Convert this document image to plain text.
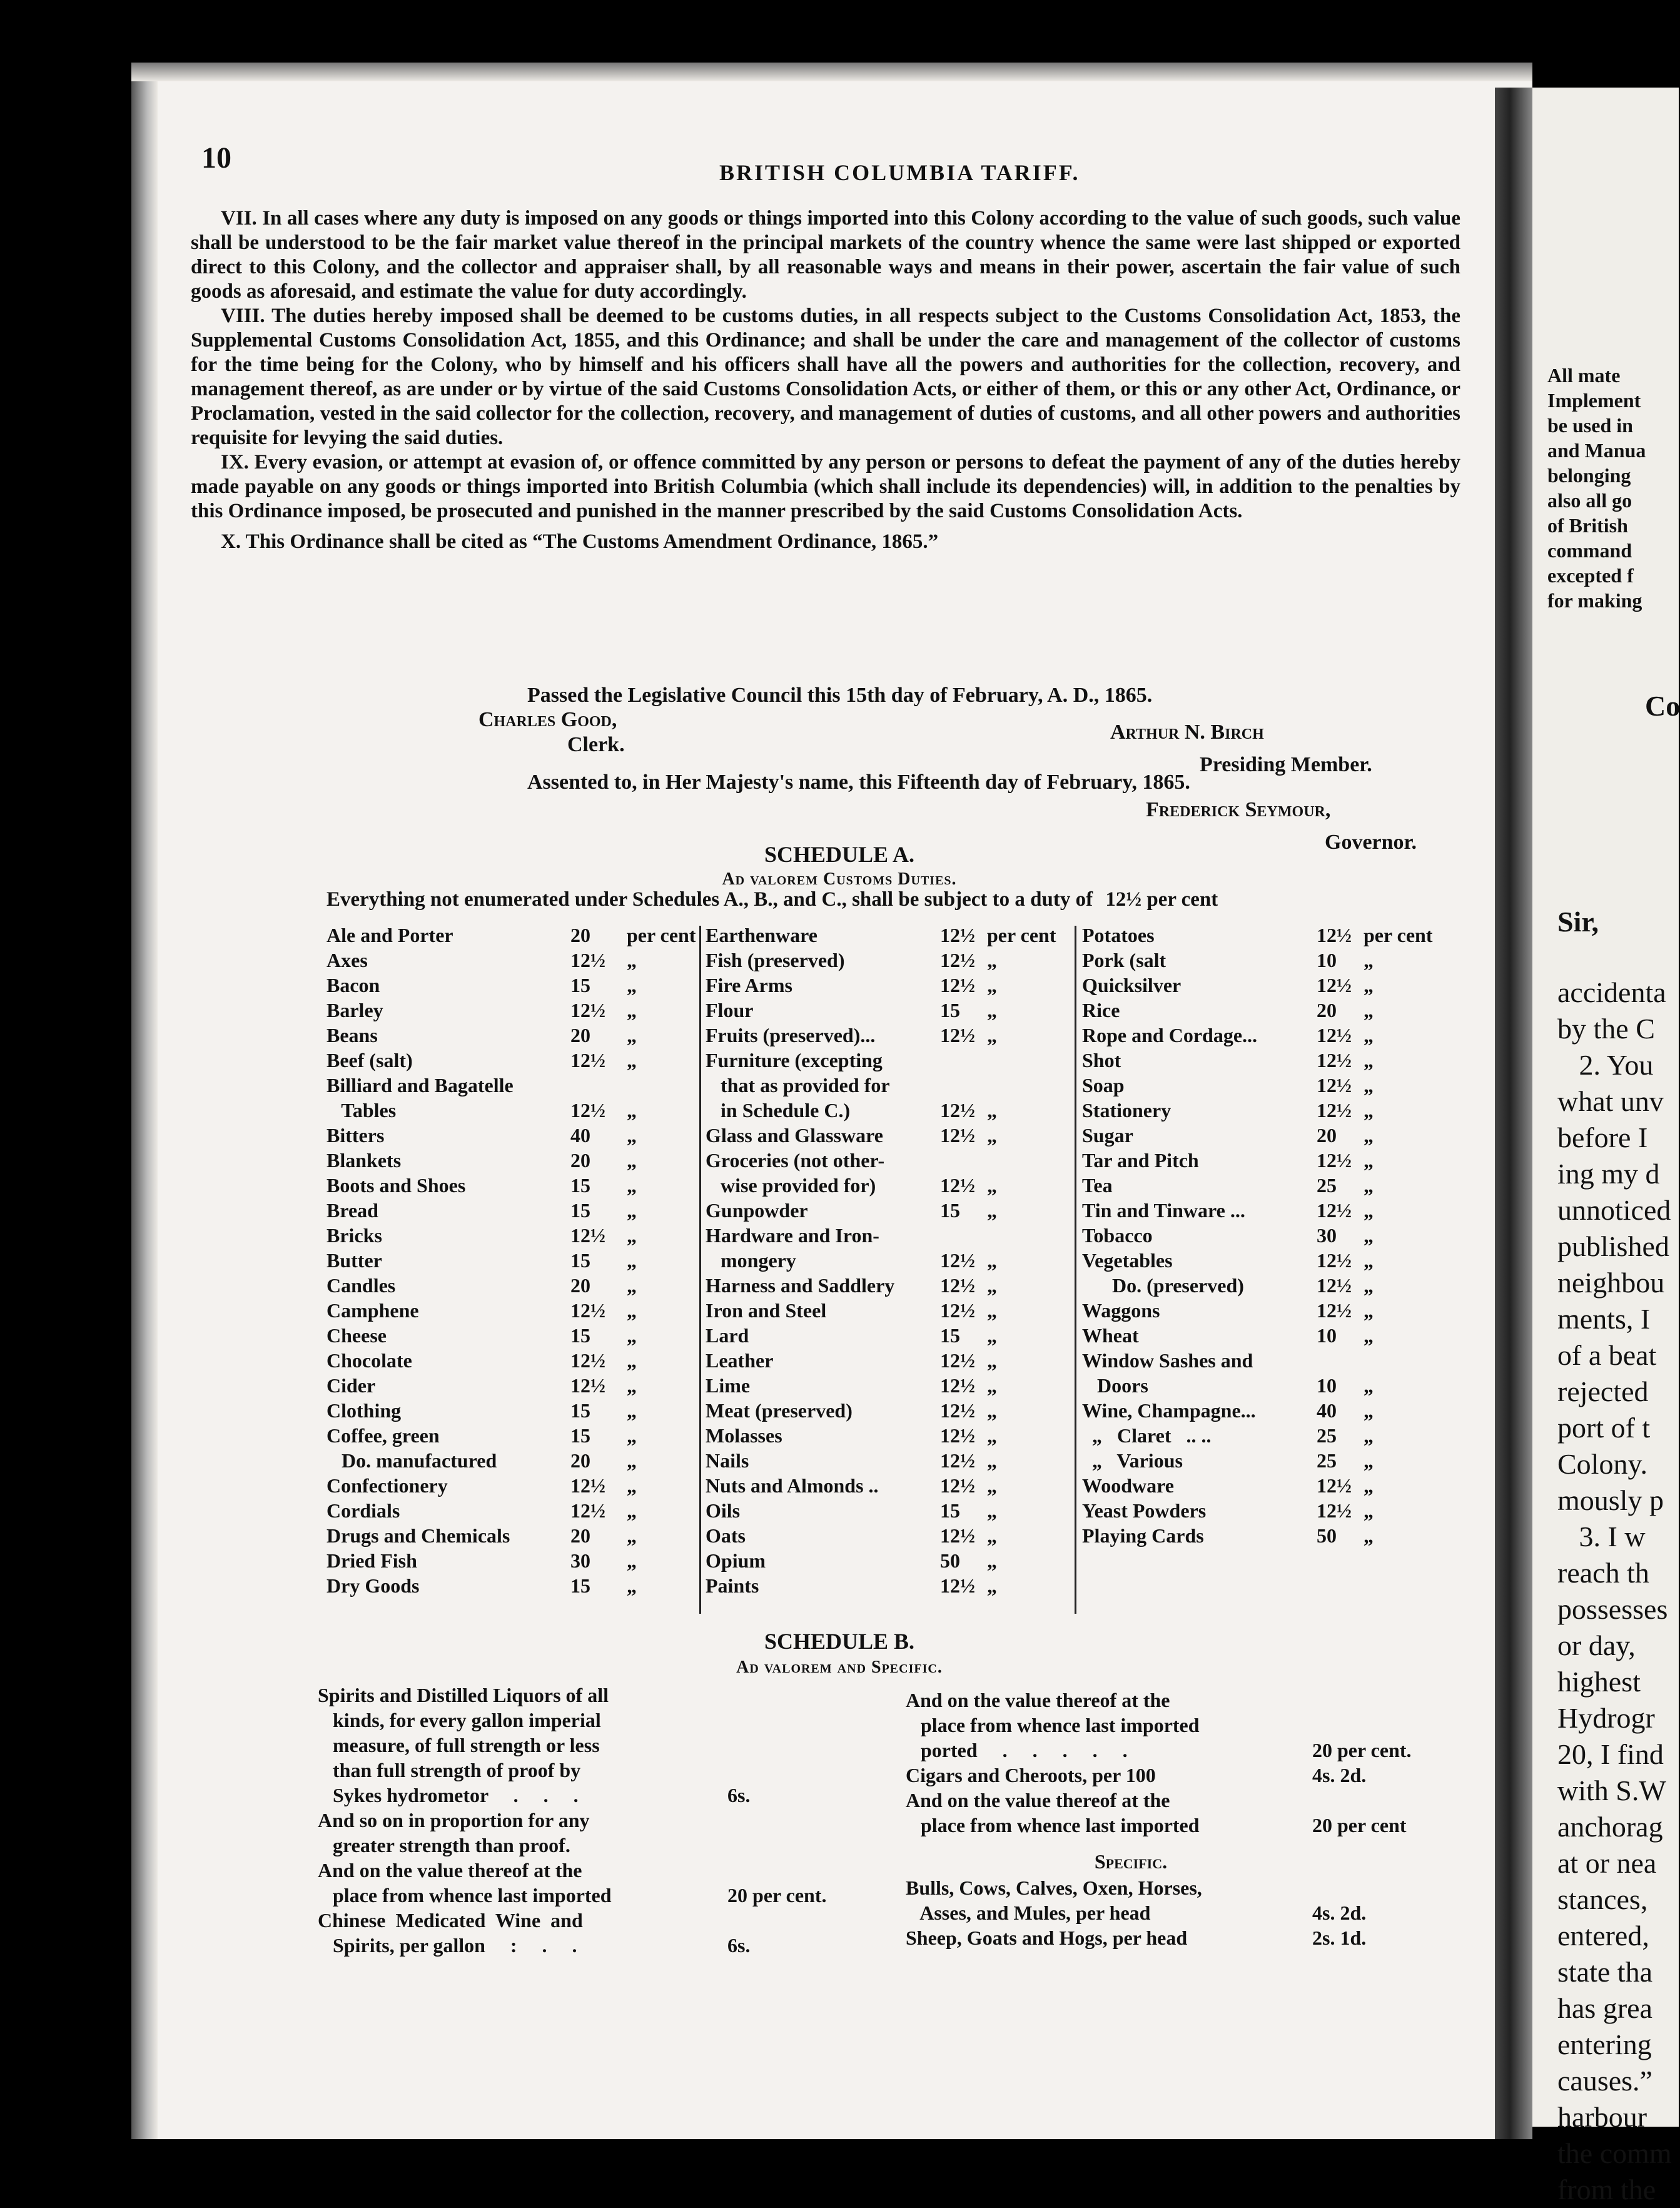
All mate
Implement
be used in
and Manua
belonging
also all go
of British
command
excepted f
for making
Co
Sir,
accidenta
by the C
2. You
what unv
before I
ing my d
unnoticed
published
neighbou
ments, I
of a beat
rejected
port of t
Colony.
mously p
3. I w
reach th
possesses
or day,
highest
Hydrogr
20, I find
with S.W
anchorag
at or nea
stances,
entered,
state tha
has grea
entering
causes.”
harbour
the comm
from the
10	BRITISH COLUMBIA TARIFF.

VII. In all cases where any duty is imposed on any goods or things imported into this Colony according to the value of such goods, such value shall be understood to be the fair market value thereof in the principal markets of the country whence the same were last shipped or exported direct to this Colony, and the collector and appraiser shall, by all reasonable ways and means in their power, ascertain the fair value of such goods as aforesaid, and estimate the value for duty accordingly.

VIII. The duties hereby imposed shall be deemed to be customs duties, in all respects subject to the Customs Consolidation Act, 1853, the Supplemental Customs Consolidation Act, 1855, and this Ordinance; and shall be under the care and management of the collector of customs for the time being for the Colony, who by himself and his officers shall have all the powers and authorities for the collection, recovery, and management thereof, as are under or by virtue of the said Customs Consolidation Acts, or either of them, or this or any other Act, Ordinance, or Proclamation, vested in the said collector for the collection, recovery, and management of duties of customs, and all other powers and authorities requisite for levying the said duties.

IX. Every evasion, or attempt at evasion of, or offence committed by any person or persons to defeat the payment of any of the duties hereby made payable on any goods or things imported into British Columbia (which shall include its dependencies) will, in addition to the penalties by this Ordinance imposed, be prosecuted and punished in the manner prescribed by the said Customs Consolidation Acts.

X. This Ordinance shall be cited as “The Customs Amendment Ordinance, 1865.”

Passed the Legislative Council this 15th day of February, A. D., 1865.
Charles Good,
Arthur N. Birch
Clerk.
Presiding Member.
Assented to, in Her Majesty's name, this Fifteenth day of February, 1865.
Frederick Seymour,
Governor.
SCHEDULE A.
Ad valorem Customs Duties.
Everything not enumerated under Schedules A., B., and C., shall be subject to a duty of 12½ per cent
Ale and Porter	20	per cent
Axes	12½	„
Bacon	15	„
Barley	12½	„
Beans	20	„
Beef (salt)	12½	„
Billiard and Bagatelle
Tables	12½	„
Bitters	40	„
Blankets	20	„
Boots and Shoes	15	„
Bread	15	„
Bricks	12½	„
Butter	15	„
Candles	20	„
Camphene	12½	„
Cheese	15	„
Chocolate	12½	„
Cider	12½	„
Clothing	15	„
Coffee, green	15	„
Do. manufactured	20	„
Confectionery	12½	„
Cordials	12½	„
Drugs and Chemicals	20	„
Dried Fish	30	„
Dry Goods	15	„
Earthenware	12½ per cent
Fish (preserved)	12½ „
Fire Arms	12½ „
Flour	15	„
Fruits (preserved)...	12½ „
Furniture (excepting
that as provided for
in Schedule C.)	12½ „
Glass and Glassware	12½ „
Groceries (not other-
wise provided for)	12½ „
Gunpowder	15	„
Hardware and Iron-
mongery	12½ „
Harness and Saddlery	12½ „
Iron and Steel	12½ „
Lard	15	„
Leather	12½ „
Lime	12½ „
Meat (preserved)	12½ „
Molasses	12½ „
Nails	12½ „
Nuts and Almonds ..	12½ „
Oils	15	„
Oats	12½ „
Opium	50	„
Paints	12½ „
Potatoes	12½ per cent
Pork (salt	10	„
Quicksilver	12½ „
Rice	20	„
Rope and Cordage...	12½ „
Shot	12½ „
Soap	12½ „
Stationery	12½ „
Sugar	20	„
Tar and Pitch	12½ „
Tea	25	„
Tin and Tinware ...	12½ „
Tobacco	30	„
Vegetables	12½ „
Do. (preserved)	12½ „
Waggons	12½ „
Wheat	10	„
Window Sashes and
Doors	10	„
Wine, Champagne...	40	„
„   Claret   .. ..	25	„
„   Various	25	„
Woodware	12½ „
Yeast Powders	12½ „
Playing Cards	50	„
SCHEDULE B.
Ad valorem and Specific.
Spirits and Distilled Liquors of all
kinds, for every gallon imperial
measure, of full strength or less
than full strength of proof by
Sykes hydrometor     .     .     .	6s.
And so on in proportion for any
greater strength than proof.
And on the value thereof at the
place from whence last imported	20 per cent.
Chinese  Medicated  Wine  and
Spirits, per gallon     :     .     .	6s.
And on the value thereof at the
place from whence last imported
ported     .     .     .     .     .	20 per cent.
Cigars and Cheroots, per 100	4s. 2d.
And on the value thereof at the
place from whence last imported	20 per cent
Bulls, Cows, Calves, Oxen, Horses,
Asses, and Mules, per head	4s. 2d.
Sheep, Goats and Hogs, per head	2s. 1d.
Specific.
